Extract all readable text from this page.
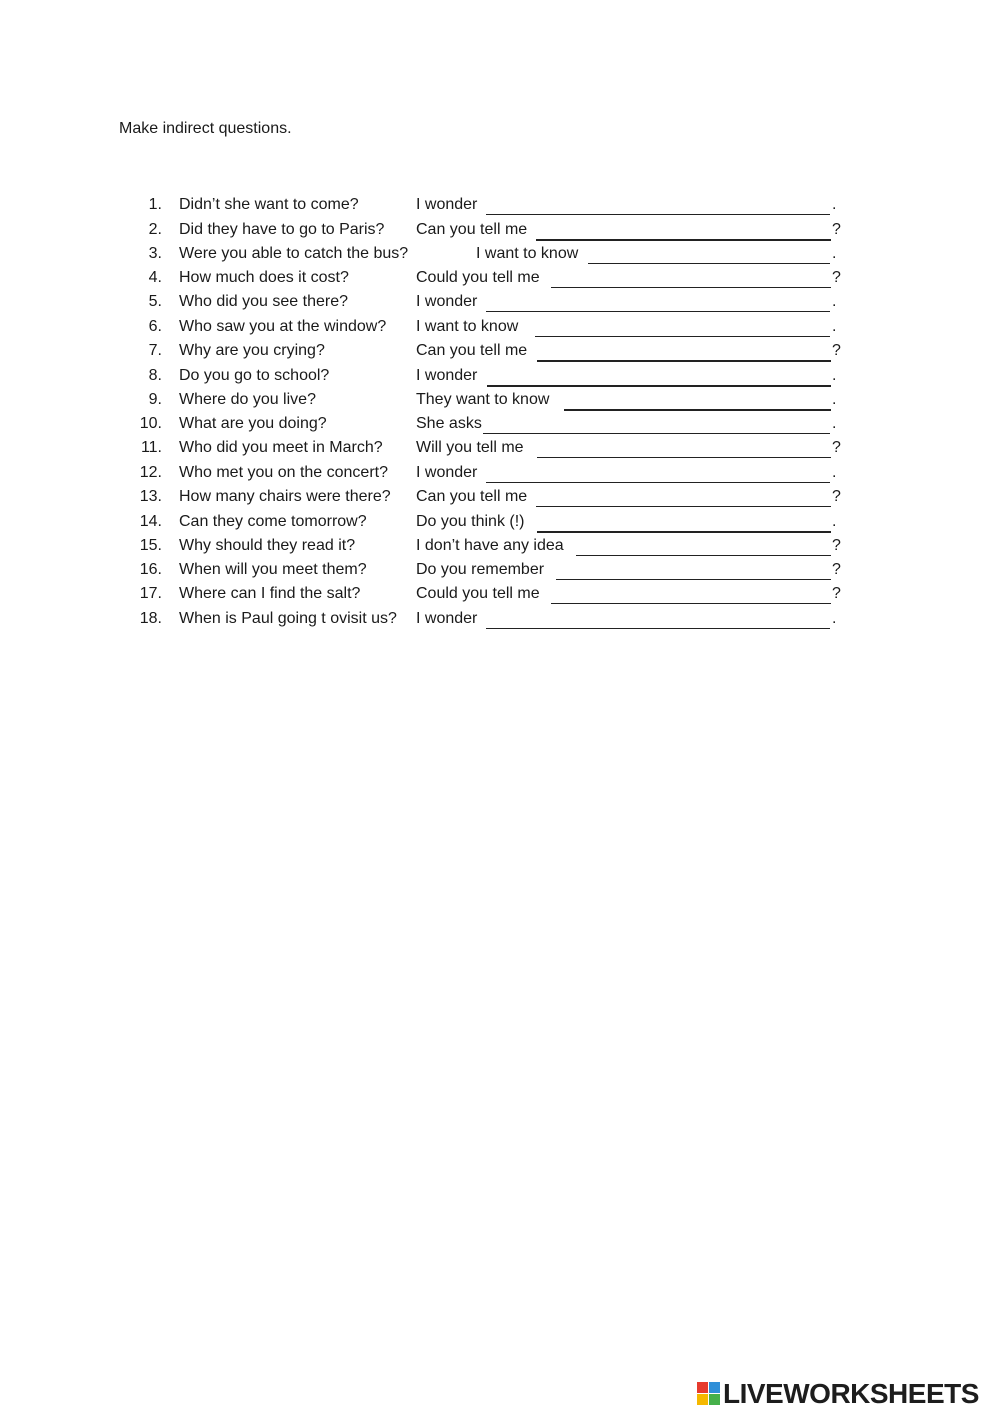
Make indirect questions.
1. Didn’t she want to come?	I wonder	.
2. Did they have to go to Paris? Can you tell me	?
3. Were you able to catch the bus?	I want to know	.
4. How much does it cost?	Could you tell me	?
5. Who did you see there?	I wonder	.
6. Who saw you at the window? I want to know	.
7. Why are you crying?	Can you tell me	?
8. Do you go to school?	I wonder	.
9. Where do you live?	They want to know	.
10. What are you doing?	She asks	.
11. Who did you meet in March? Will you tell me	?
12. Who met you on the concert? I wonder	.
13. How many chairs were there? Can you tell me	?
14. Can they come tomorrow?	Do you think (!)	.
15. Why should they read it?	I don’t have any idea	?
16. When will you meet them?	Do you remember	?
17. Where can I find the salt?	Could you tell me	?
18. When is Paul going t ovisit us? I wonder	.
LIVEWORKSHEETS
